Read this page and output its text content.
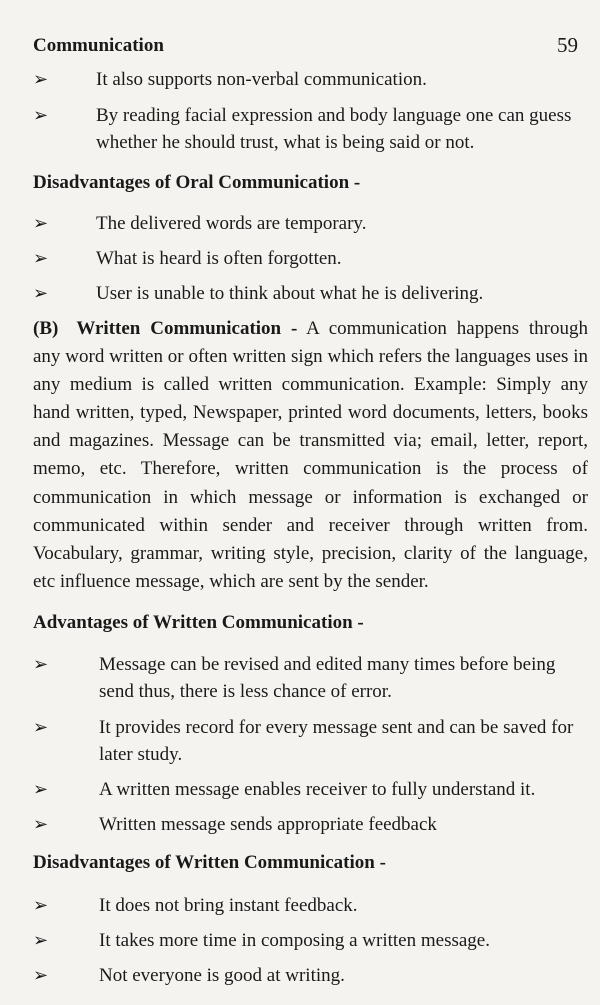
Communication	59
➢	It also supports non-verbal communication.
➢	By reading facial expression and body language one can guess whether he should trust, what is being said or not.
Disadvantages of Oral Communication -
➢	The delivered words are temporary.
➢	What is heard is often forgotten.
➢	User is unable to think about what he is delivering.
(B) Written Communication - A communication happens through any word written or often written sign which refers the languages uses in any medium is called written communication. Example: Simply any hand written, typed, Newspaper, printed word documents, letters, books and magazines. Message can be transmitted via; email, letter, report, memo, etc. Therefore, written communication is the process of communication in which message or information is exchanged or communicated within sender and receiver through written from. Vocabulary, grammar, writing style, precision, clarity of the language, etc influence message, which are sent by the sender.
Advantages of Written Communication -
➢	Message can be revised and edited many times before being send thus, there is less chance of error.
➢	It provides record for every message sent and can be saved for later study.
➢	A written message enables receiver to fully understand it.
➢	Written message sends appropriate feedback
Disadvantages of Written Communication -
➢	It does not bring instant feedback.
➢	It takes more time in composing a written message.
➢	Not everyone is good at writing.
